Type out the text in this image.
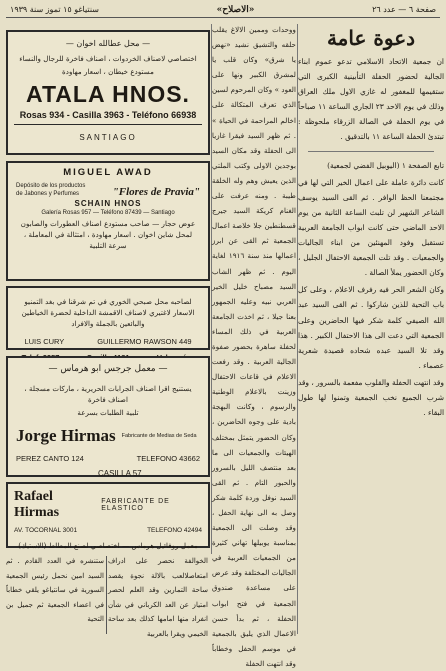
صفحة ٦ — عدد ٢٦
«الاصلاح»
سنتياغو ١٥ تموز سنة ١٩٣٩
دعوة عامة

ان جمعية الاتحاد الاسلامي تدعو عموم ابناء الجالية لحضور الحفلة التأبينية الكبرى التي ستقيمها للمغفور له غازي الاول ملك العراق وذلك في يوم الاحد ٢٣ الجاري الساعة ١١ صباحاً في يوم الحفلة في الصالة الزرقاء ملحوظة : تبتدئ الحفلة الساعة ١١ بالتدقيق .

تابع الصفحة ١ (اليوبيل الفضي لجمعية)

كانت دائرة عاملة على اعمال الخير التي لها في مجتمعنا الحظ الوافر . ثم القى السيد يوسف الشاعر الشهير لن تلبث الساعة الثانية من يوم الاحد الماضي حتى كانت ابواب الجامعة العربية تستقبل وفود المهنئين من ابناء الجاليات والجمعيات . وقد تلت الجمعية الاحتفال الجليل ، وكان الحضور يملأ الصالة .

وكان الشعر الحر فيه رفرف الاعلام ، وعلى كل باب التحية للذين شاركوا . ثم القى السيد عبد الله الصيفي كلمة شكر فيها الحاضرين وعلى الجمعية التي دعت الى هذا الاحتفال الكبير . هذا وقد تلا السيد عبده شحاده قصيدة شعرية عصماء .

وقد انتهت الحفلة والقلوب مفعمة بالسرور ، وقد شرب الجميع نخب الجمعية وتمنوا لها طول البقاء .

ووحدات وممين الالاغ يقلب حلقه والتشيق نشيد «نهض يا شرق» وكان قلب يا لمشرق الكبير ونها على العود » وكان المرحوم لسين الذي تعرف المتكالة على اخالم المراحمة في الحياة » . ثم ظهر السيد فيقرا غازيا الى الحفلة وقد مكان السيد بوجدين الاولى وكتب الملتي الذين يعيش وهم وله الخلقة طيبة . ومنه عرفت على الغنام كريكة السيد جيرج قسطنطين جلا خلاصة اعمال الجمعية ثم القى عن ابرز اعمالها منذ سنة ١٩١٦ لغاية اليوم . ثم ظهر الشاب السيد مصباح خليل الخير العربي نبيه وعليه الجمهور بعنا جيلا ، ثم اخذت الجامعة العربية في ذلك المساء لحفلة ساهرة بحضور صفوة الجالية العربية . وقد رفعت الاعلام في قاعات الاحتفال وزينت بالاعلام الوطنية والرسوم ، وكانت البهجة بادية على وجوه الحاضرين ، وكان الحضور يتمثل بمختلف الهيئات والجمعيات الى ما بعد منتصف الليل بالسرور والحبور التام . ثم القى السيد نوفل وردة كلمة شكر وصل به الى نهاية الحفل ، وقد وصلت الى الجمعية بمناسبة يوبيلها تهاني كثيرة من الجمعيات العربية في الجاليات المختلفة وقد عرض على مساعدة صندوق الجمعية في فتح ابواب الحفلة ، ثم بدأ حسن الاعمال الذي يليق بالجمعية في موسم الحفل وخطاباً وقد انتهت الحفلة

— محل عطالله اخوان —
اختصاصي لاصناف الخردوات ، اصناف فاخرة للرجال والنساء
مستودع خيطان ، اسعار مهاودة
ATALA HNOS.
Rosas 934 - Casilla 3963 - Teléfono 66938
SANTIAGO
MIGUEL AWAD
Depósito de los productos
de Jabones y Perfumes	"Flores de Pravia"
SCHAIN HNOS
Galería Rosas 957 — Teléfono 87439 — Santiago
عوض حجار — صاحب مستودع اصناف العطورات والصابون لمحل شاين اخوان . اسعار مهاودة ، امتثالة في المعاملة ، سرعة التلبية
لصاحبه محل صبحي الخوري في تم شرقنا في بغد التمنيو الاسعار لاغتيري لاصناف الاقمشة الداخلية لحضرة الخياطين والبائعين بالجملة والافراد
LUIS CURY	GUILLERMO RAWSON 449
— معمل جرجس ابو هرماس —
يستنيج اقرا اصناف الجرابات الحريرية ، ماركات مسجلة ، اصناف فاخرة
تلبية الطلبات بسرعة
Jorge Hirmas Fabricante de Medias de Seda
PEREZ CANTO 124	TELEFONO 43662
CASILLA 57
Rafael Hirmas
FABRICANTE DE ELASTICO
AV. TOCORNAL 3001	TELEFONO 42494
معمل روفائيل هرماس — اختصاصي لصنع المطاط (الاستيك)

الخوالفة نحصر على ادراف امتعاصلالعب بالالة نجوة يقصد ساحة التمارين وقد العلم لحصر امتياز عن العد الكرباني في شأن انفراد منها امامها كذلك بعد ساحة الخيمي ويقرا بالعربية

ستنشره في العدد القادم . ثم السيد امين نحمل رئيس الجمعية السورية في سانتياغو يلقي خطاباً في اعضاء الجمعية ثم جميل بن التحية
